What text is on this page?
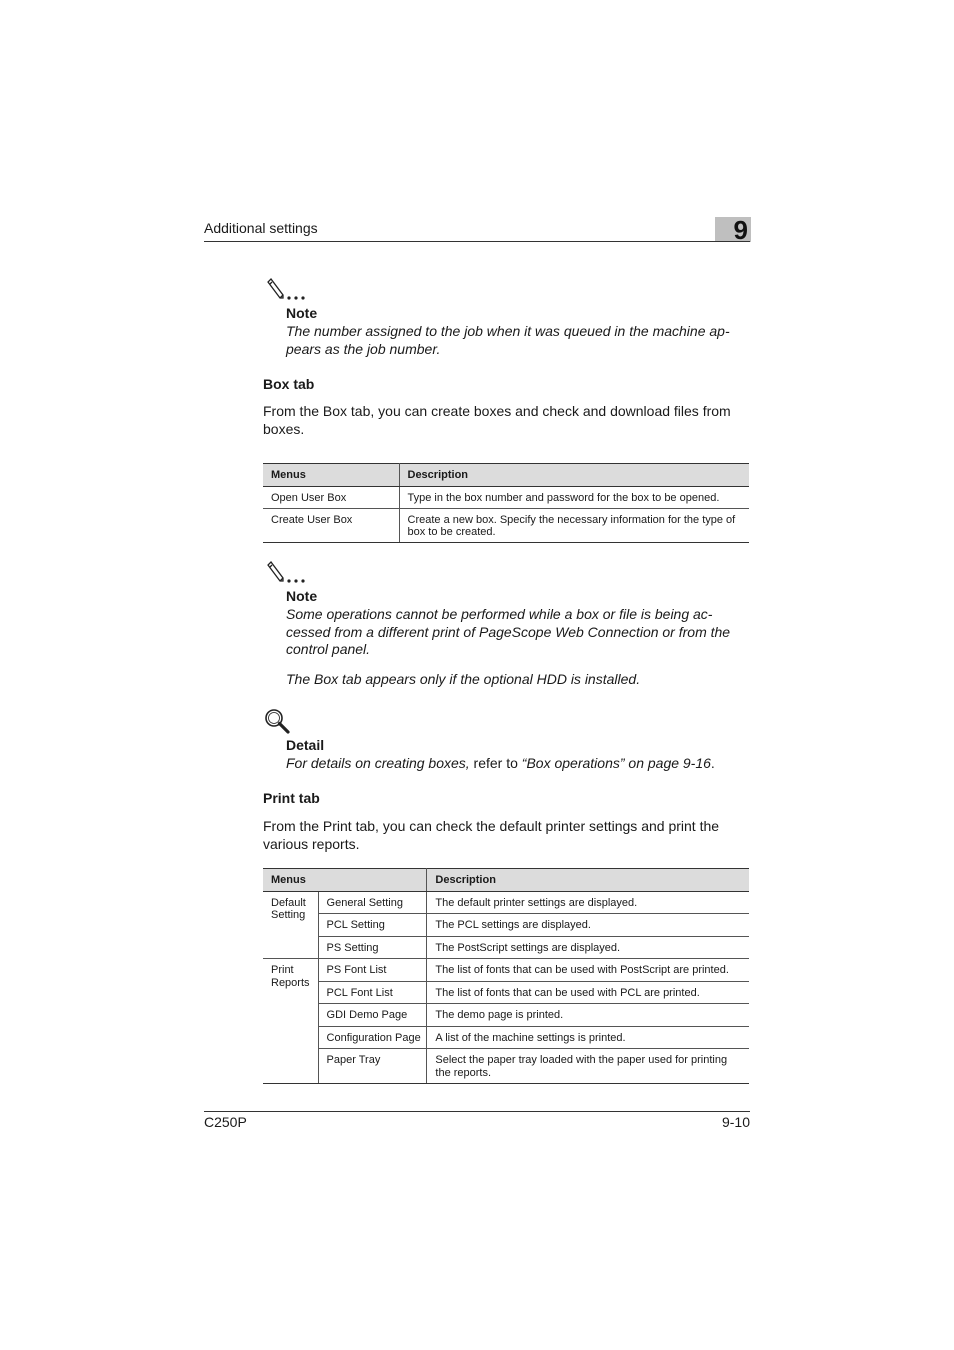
Additional settings	9
Note
The number assigned to the job when it was queued in the machine ap-
pears as the job number.
Box tab
From the Box tab, you can create boxes and check and download files from
boxes.
Menus	Description
Open User Box	Type in the box number and password for the box to be opened.

Create User Box	Create a new box. Specify the necessary information for the type of
box to be created.
Note
Some operations cannot be performed while a box or file is being ac-
cessed from a different print of PageScope Web Connection or from the
control panel.
The Box tab appears only if the optional HDD is installed.
Detail
For details on creating boxes, refer to “Box operations” on page 9-16.
Print tab
From the Print tab, you can check the default printer settings and print the
various reports.
Menus		Description

Default
Setting	General Setting	The default printer settings are displayed.
	PCL Setting	The PCL settings are displayed.
	PS Setting	The PostScript settings are displayed.

Print
Reports	PS Font List	The list of fonts that can be used with PostScript are printed.
	PCL Font List	The list of fonts that can be used with PCL are printed.
	GDI Demo Page	The demo page is printed.
	Configuration Page	A list of the machine settings is printed.
	Paper Tray	Select the paper tray loaded with the paper used for printing
the reports.
C250P	9-10
